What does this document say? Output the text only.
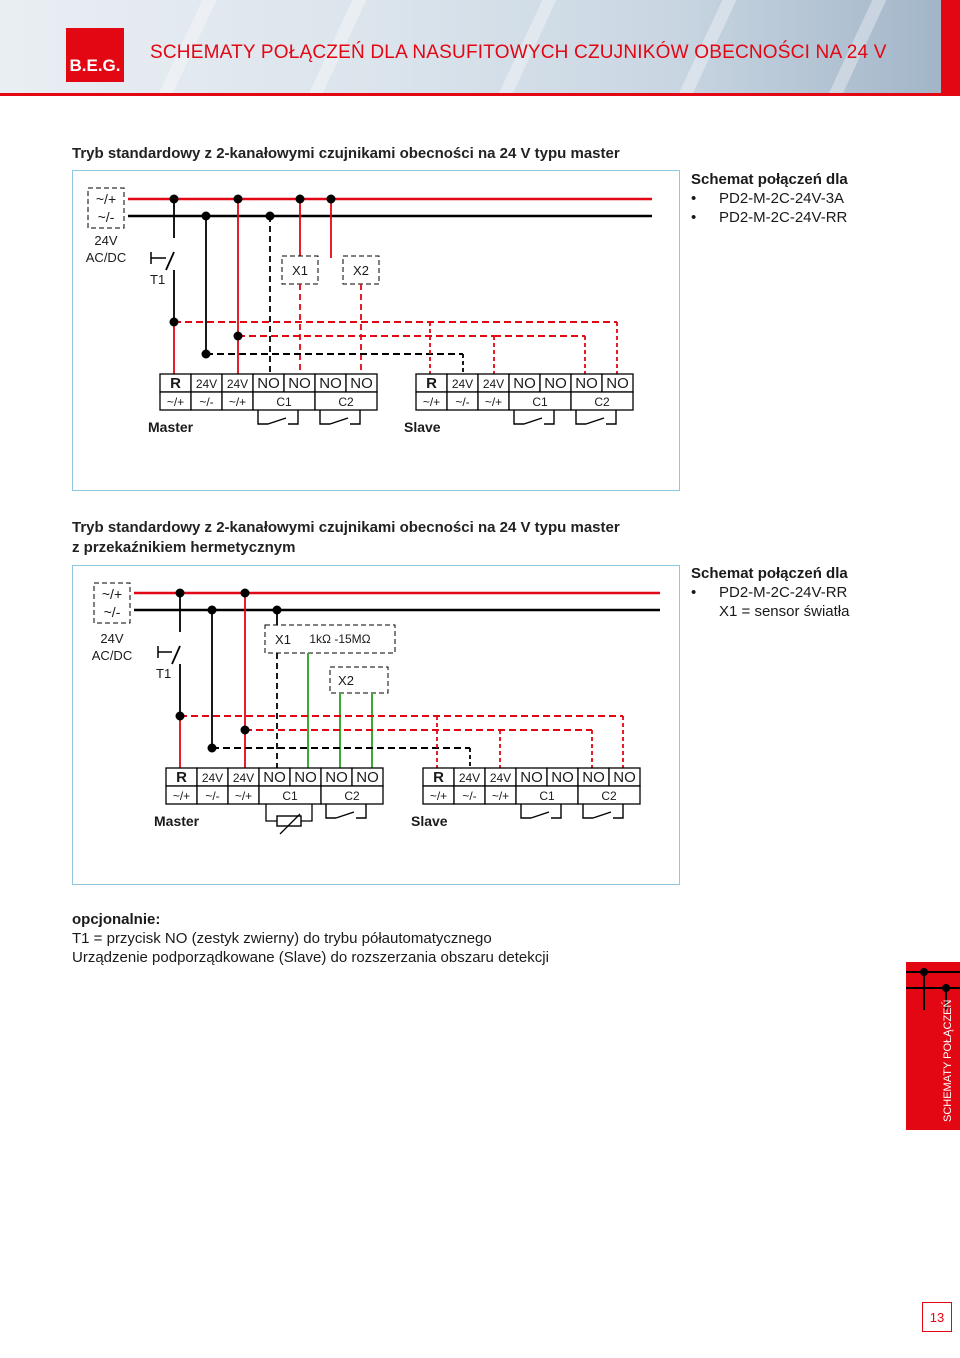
B.E.G.
SCHEMATY POŁĄCZEŃ DLA NASUFITOWYCH CZUJNIKÓW OBECNOŚCI NA 24 V
Tryb standardowy z 2-kanałowymi czujnikami obecności na 24 V typu master
Schemat połączeń dla
• PD2-M-2C-24V-3A
• PD2-M-2C-24V-RR
~/+
~/-
24V
AC/DC
T1
X1	X2
~/+
~/-
24V
AC/DC
T1
X1 1kΩ -15MΩ
X2
R 24V 24V NO NO NO NO
~/+ ~/- ~/+	C1	C2
Master
R 24V 24V NO NO NO NO
~/+ ~/- ~/+	C1	C2
Slave
R 24V 24V NO NO NO NO
~/+ ~/- ~/+	C1	C2
Master
R 24V 24V NO NO NO NO
~/+ ~/- ~/+	C1	C2
Slave
Tryb standardowy z 2-kanałowymi czujnikami obecności na 24 V typu master
z przekaźnikiem hermetycznym
Schemat połączeń dla
• PD2-M-2C-24V-RR
X1 = sensor światła
opcjonalnie:
T1 = przycisk NO (zestyk zwierny) do trybu półautomatycznego
Urządzenie podporządkowane (Slave) do rozszerzania obszaru detekcji
SCHEMATY POŁĄCZEŃ
13
